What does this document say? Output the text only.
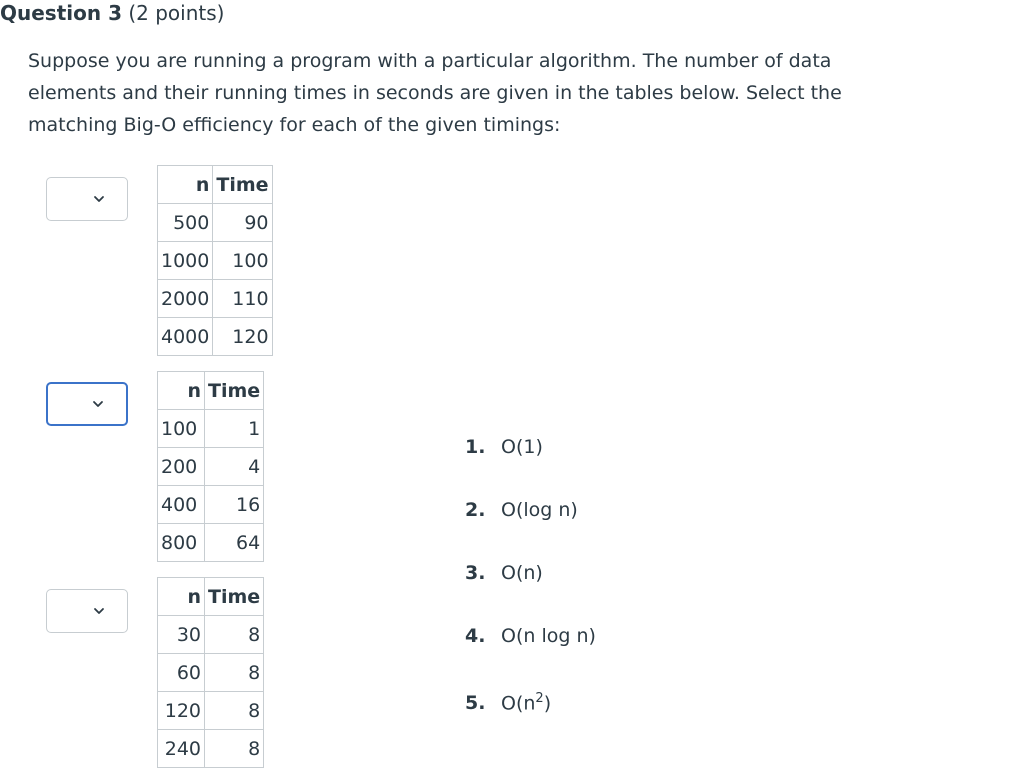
Question 3 (2 points)
Suppose you are running a program with a particular algorithm. The number of data elements and their running times in seconds are given in the tables below. Select the matching Big-O efficiency for each of the given timings:
n	Time
500	90
1000	100
2000	110
4000	120
n	Time
100	1
200	4
400	16
800	64
n	Time
30	8
60	8
120	8
240	8
1. O(1)
2. O(log n)
3. O(n)
4. O(n log n)
5. $O(n^2)$
